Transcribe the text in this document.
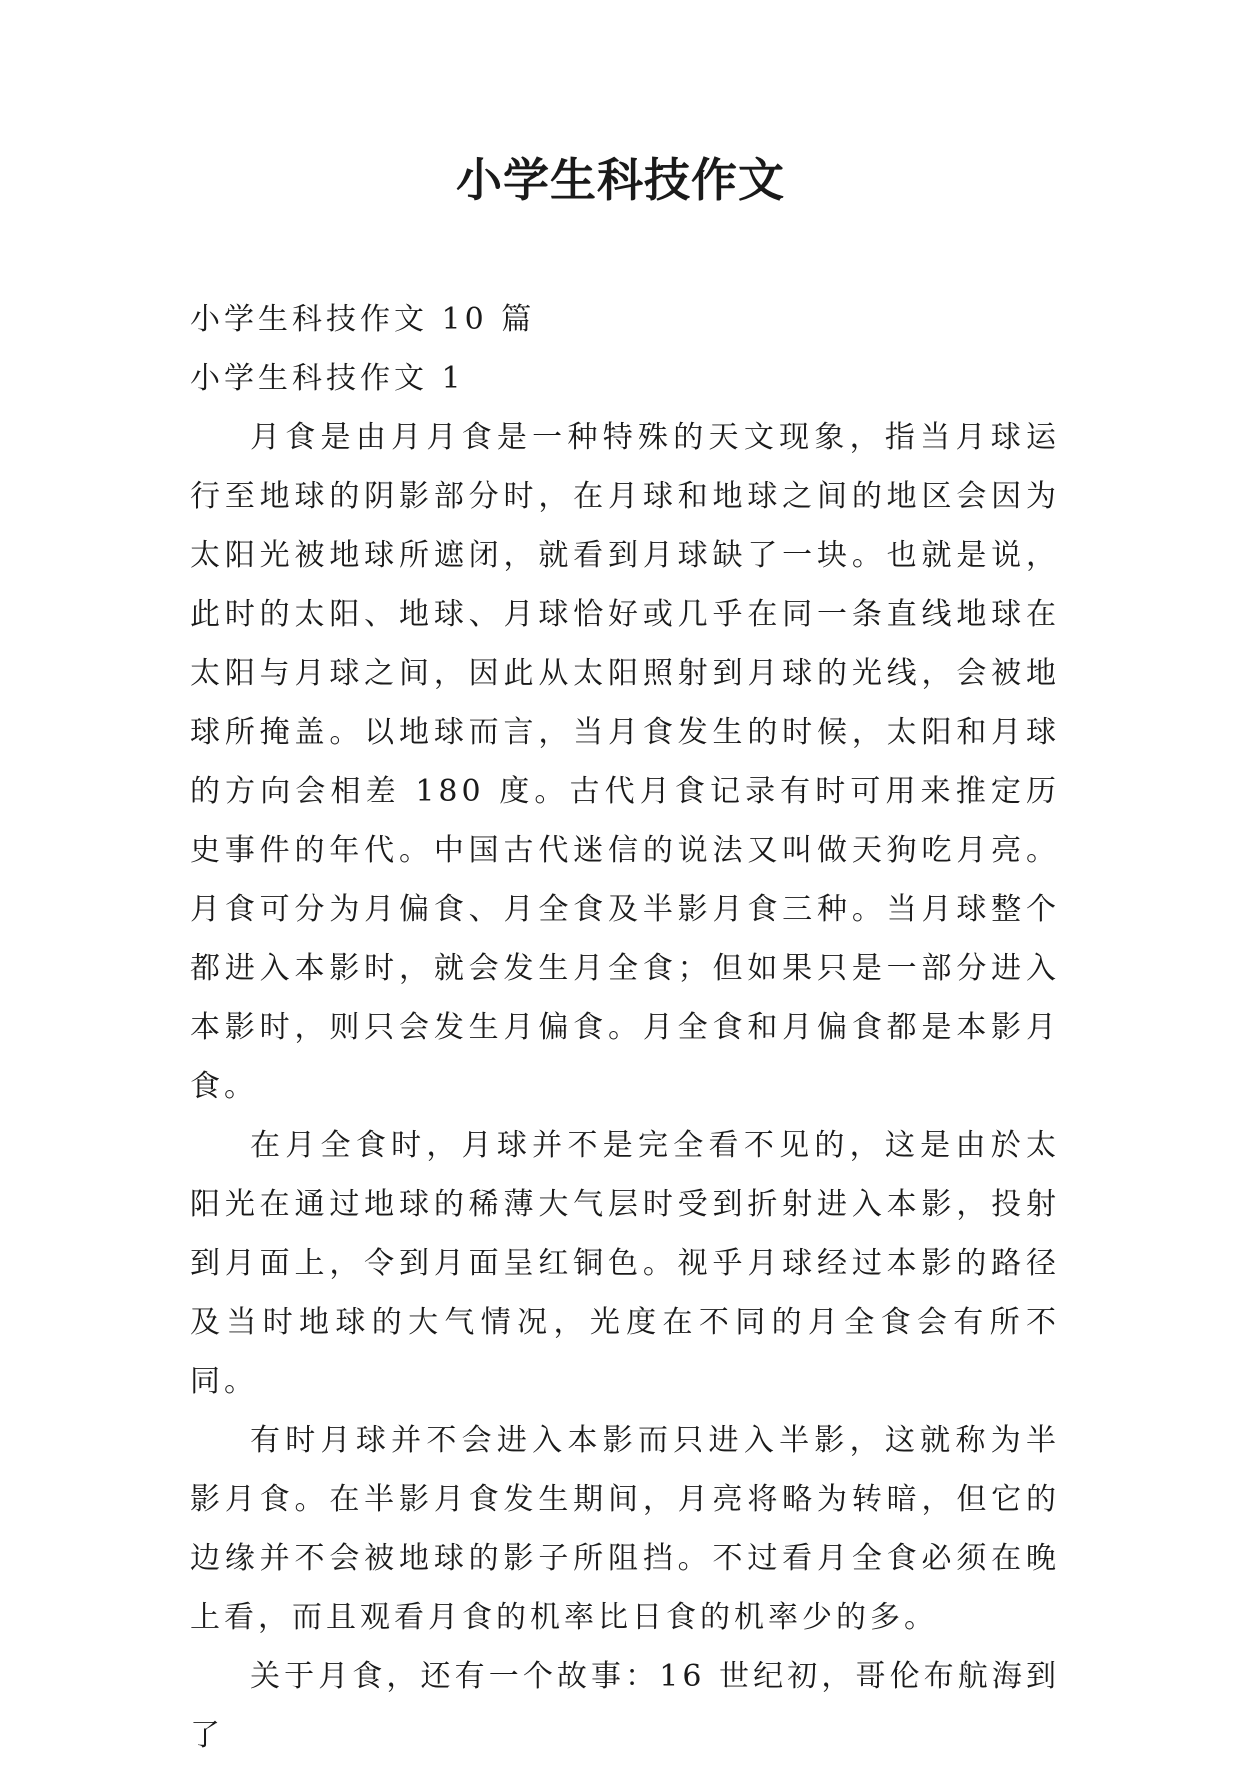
小学生科技作文

小学生科技作文 10 篇

小学生科技作文 1

月食是由月月食是一种特殊的天文现象，指当月球运行至地球的阴影部分时，在月球和地球之间的地区会因为太阳光被地球所遮闭，就看到月球缺了一块。也就是说，此时的太阳、地球、月球恰好或几乎在同一条直线地球在太阳与月球之间，因此从太阳照射到月球的光线，会被地球所掩盖。以地球而言，当月食发生的时候，太阳和月球的方向会相差 180 度。古代月食记录有时可用来推定历史事件的年代。中国古代迷信的说法又叫做天狗吃月亮。月食可分为月偏食、月全食及半影月食三种。当月球整个都进入本影时，就会发生月全食；但如果只是一部分进入本影时，则只会发生月偏食。月全食和月偏食都是本影月食。

在月全食时，月球并不是完全看不见的，这是由於太阳光在通过地球的稀薄大气层时受到折射进入本影，投射到月面上，令到月面呈红铜色。视乎月球经过本影的路径及当时地球的大气情况，光度在不同的月全食会有所不同。

有时月球并不会进入本影而只进入半影，这就称为半影月食。在半影月食发生期间，月亮将略为转暗，但它的边缘并不会被地球的影子所阻挡。不过看月全食必须在晚上看，而且观看月食的机率比日食的机率少的多。

关于月食，还有一个故事：16 世纪初，哥伦布航海到了
